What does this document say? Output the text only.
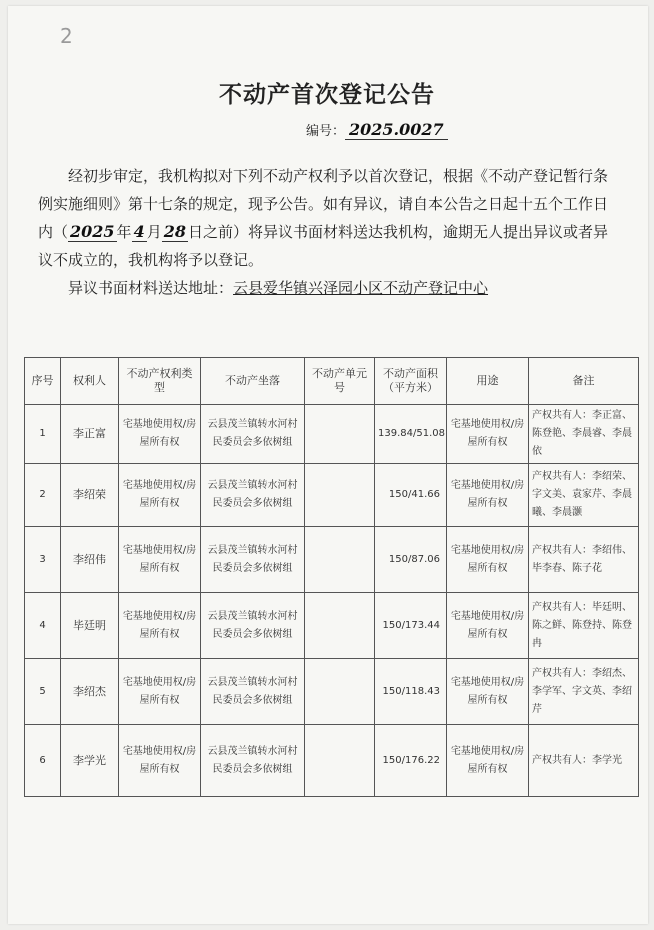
2
不动产首次登记公告
编号： 2025.0027

经初步审定，我机构拟对下列不动产权利予以首次登记，根据《不动产登记暂行条例实施细则》第十七条的规定，现予公告。如有异议，请自本公告之日起十五个工作日内（ 2025 年 4 月 28 日之前）将异议书面材料送达我机构，逾期无人提出异议或者异议不成立的，我机构将予以登记。

异议书面材料送达地址：云县爱华镇兴泽园小区不动产登记中心

序号	权利人	不动产权利类型	不动产坐落	不动产单元号	不动产面积（平方米）	用途	备注
1	李正富	宅基地使用权/房屋所有权	云县茂兰镇转水河村民委员会多依树组		139.84/51.08	宅基地使用权/房屋所有权	产权共有人：李正富、陈登艳、李晨睿、李晨依
2	李绍荣	宅基地使用权/房屋所有权	云县茂兰镇转水河村民委员会多依树组		150/41.66	宅基地使用权/房屋所有权	产权共有人：李绍荣、字文美、袁家芹、李晨曦、李晨灏
3	李绍伟	宅基地使用权/房屋所有权	云县茂兰镇转水河村民委员会多依树组		150/87.06	宅基地使用权/房屋所有权	产权共有人：李绍伟、毕李春、陈子花
4	毕廷明	宅基地使用权/房屋所有权	云县茂兰镇转水河村民委员会多依树组		150/173.44	宅基地使用权/房屋所有权	产权共有人：毕廷明、陈之鲜、陈登持、陈登冉
5	李绍杰	宅基地使用权/房屋所有权	云县茂兰镇转水河村民委员会多依树组		150/118.43	宅基地使用权/房屋所有权	产权共有人：李绍杰、李学军、字文英、李绍芹
6	李学光	宅基地使用权/房屋所有权	云县茂兰镇转水河村民委员会多依树组		150/176.22	宅基地使用权/房屋所有权	产权共有人：李学光
